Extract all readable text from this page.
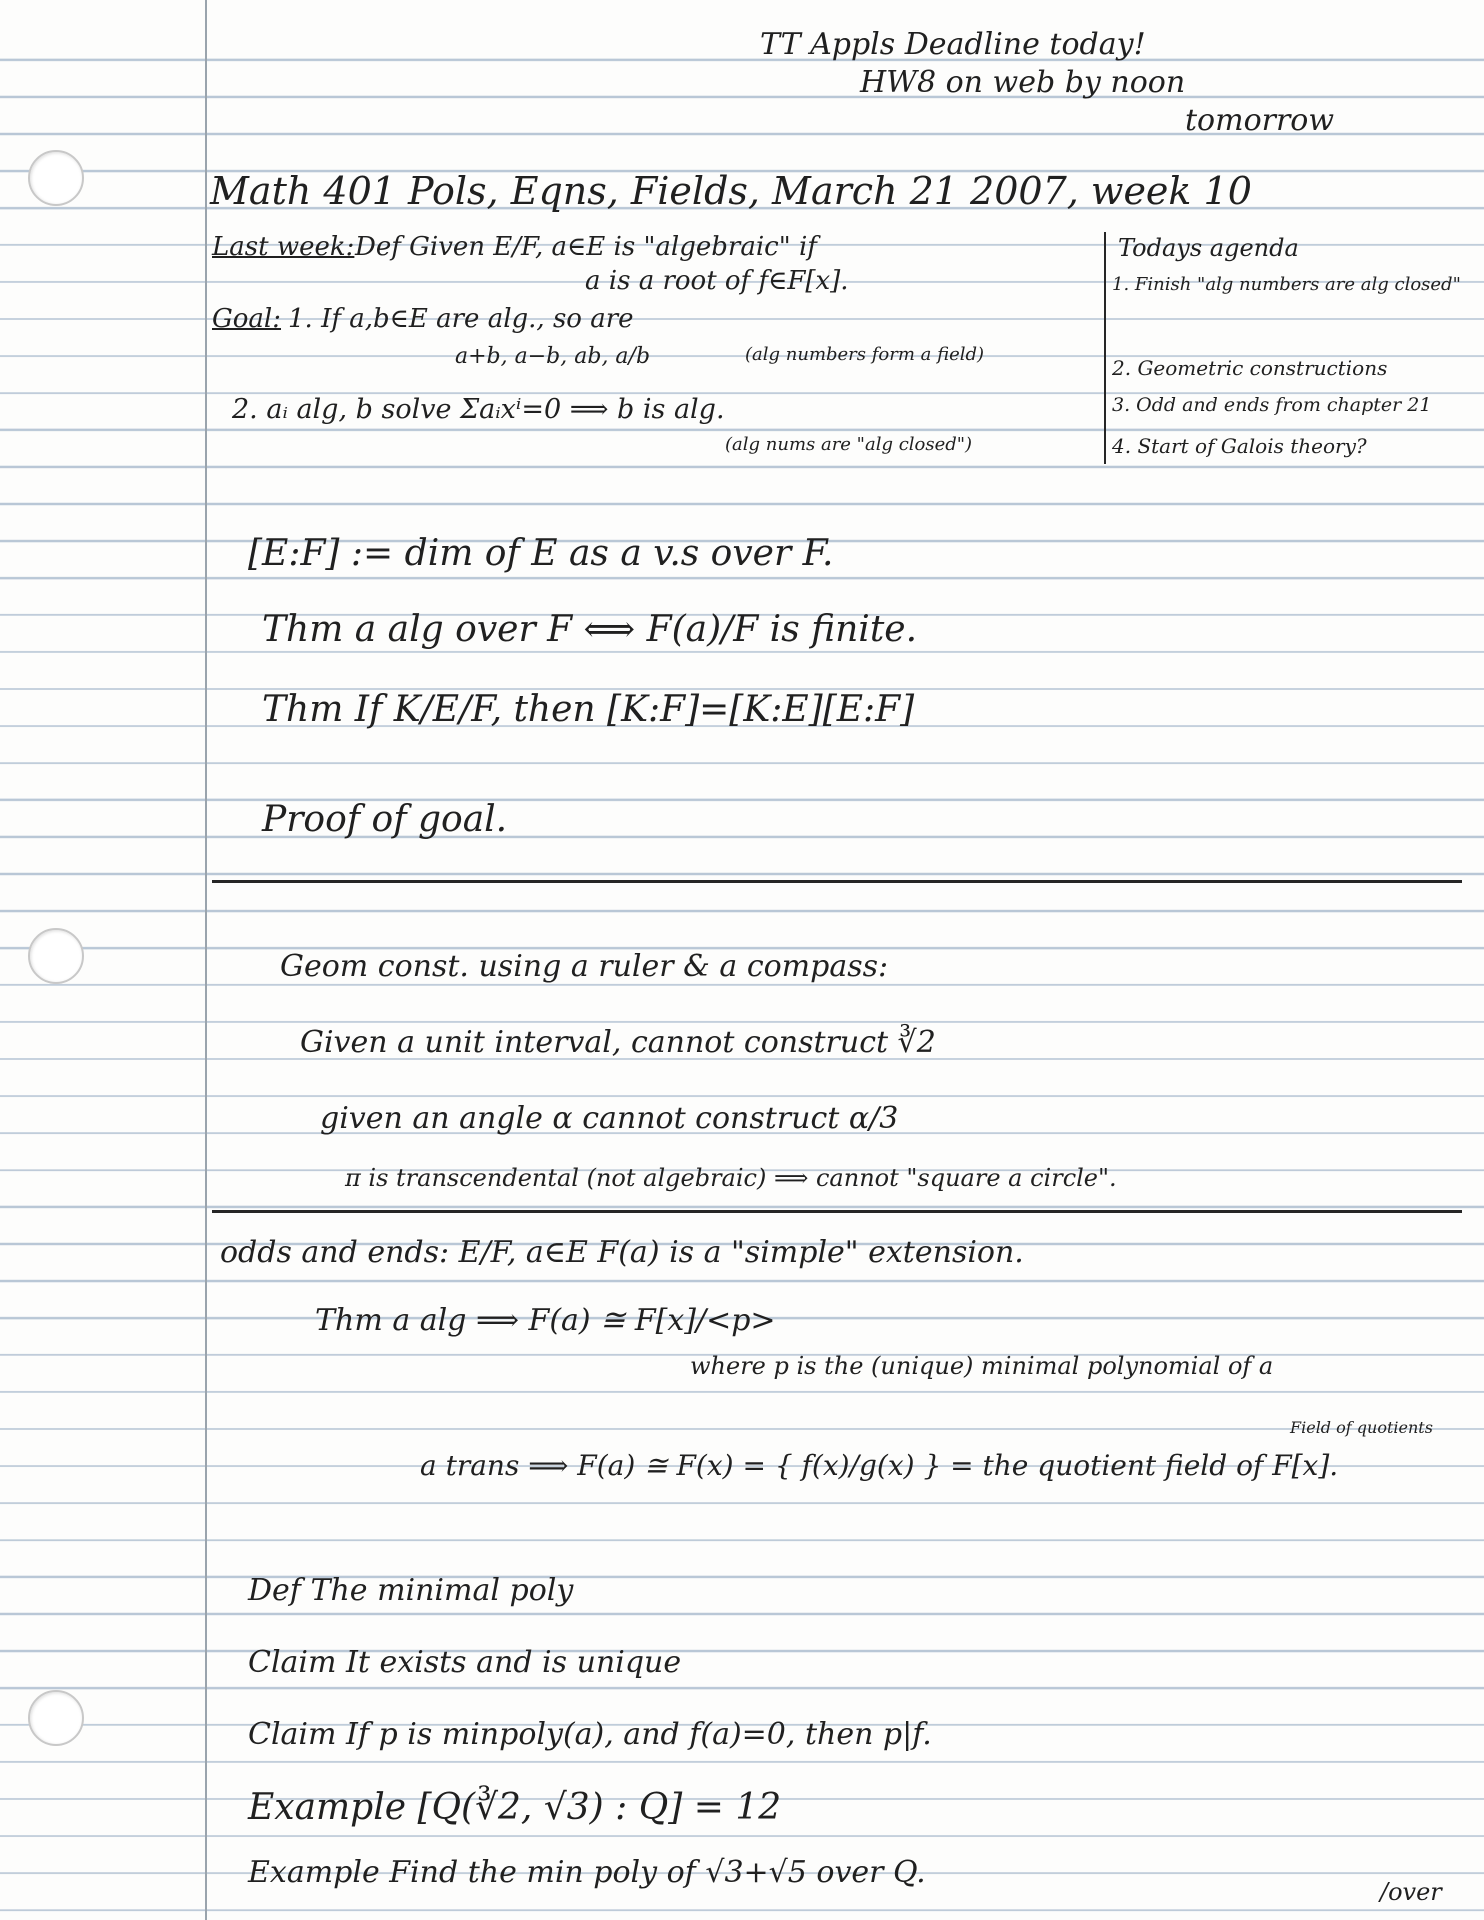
TT Appls Deadline today!
HW8 on web by noon
tomorrow
Math 401 Pols, Eqns, Fields, March 21 2007, week 10
Last week: Def Given E/F, a∈E is "algebraic" if
a is a root of f∈F[x].
Goal: 1. If a,b∈E are alg., so are
a+b, a−b, ab, a/b	(alg numbers form a field)
2. aᵢ alg, b solve Σaᵢxⁱ=0 ⟹ b is alg.
(alg nums are "alg closed")
Todays agenda
1. Finish "alg numbers are alg closed"
2. Geometric constructions
3. Odd and ends from chapter 21
4. Start of Galois theory?
[E:F] := dim of E as a v.s over F.
Thm a alg over F ⟺ F(a)/F is finite.
Thm If K/E/F, then [K:F]=[K:E][E:F]
Proof of goal.
Geom const. using a ruler & a compass:
Given a unit interval, cannot construct ∛2
given an angle α cannot construct α/3
π is transcendental (not algebraic) ⟹ cannot "square a circle".
odds and ends: E/F, a∈E F(a) is a "simple" extension.
Thm a alg ⟹ F(a) ≅ F[x]/<p>
where p is the (unique) minimal polynomial of a
Field of quotients
a trans ⟹ F(a) ≅ F(x) = { f(x)/g(x) } = the quotient field of F[x].
Def The minimal poly
Claim It exists and is unique
Claim If p is minpoly(a), and f(a)=0, then p|f.
Example [Q(∛2, √3) : Q] = 12
Example Find the min poly of √3+√5 over Q.
/over
